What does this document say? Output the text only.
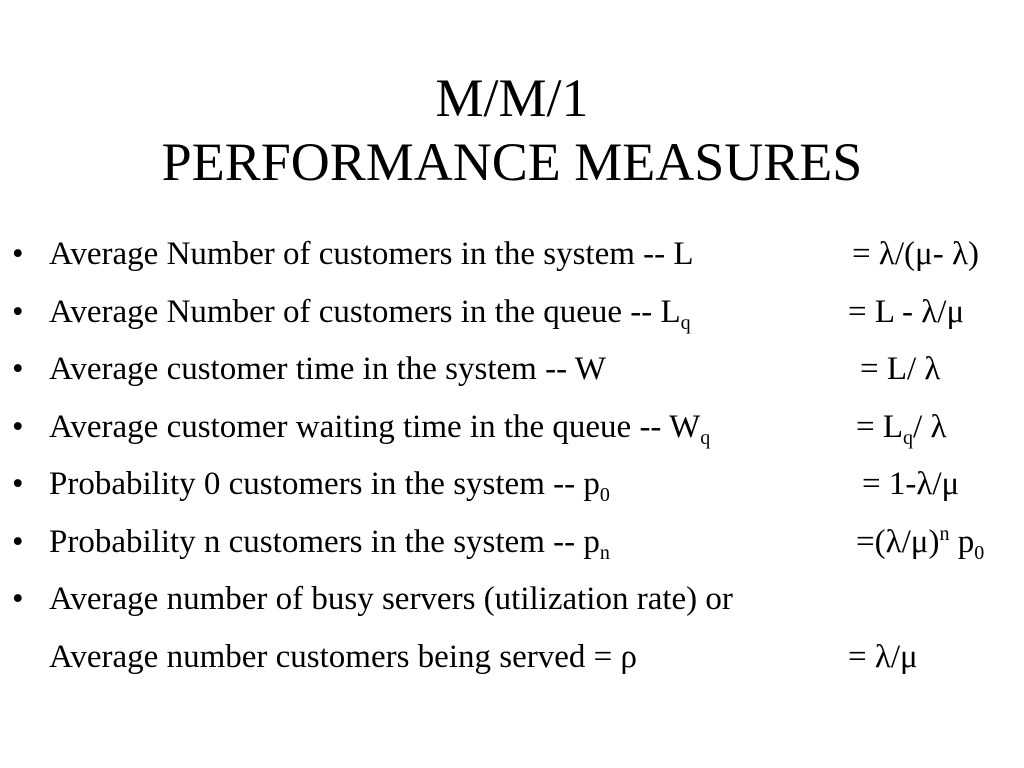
M/M/1
PERFORMANCE MEASURES
• Average Number of customers in the system -- L	= λ/(μ- λ)
• Average Number of customers in the queue -- $L_q$	= L - λ/μ
• Average customer time in the system -- W	= L/ λ
• Average customer waiting time in the queue -- $W_q$	= $L_q/$ λ
• Probability 0 customers in the system -- $p_0$	= 1-λ/μ
• Probability n customers in the system -- $p_n$	$=(\lambda/\mu)^n$ $p_0$
• Average number of busy servers (utilization rate) or
Average number customers being served = ρ	= λ/μ
